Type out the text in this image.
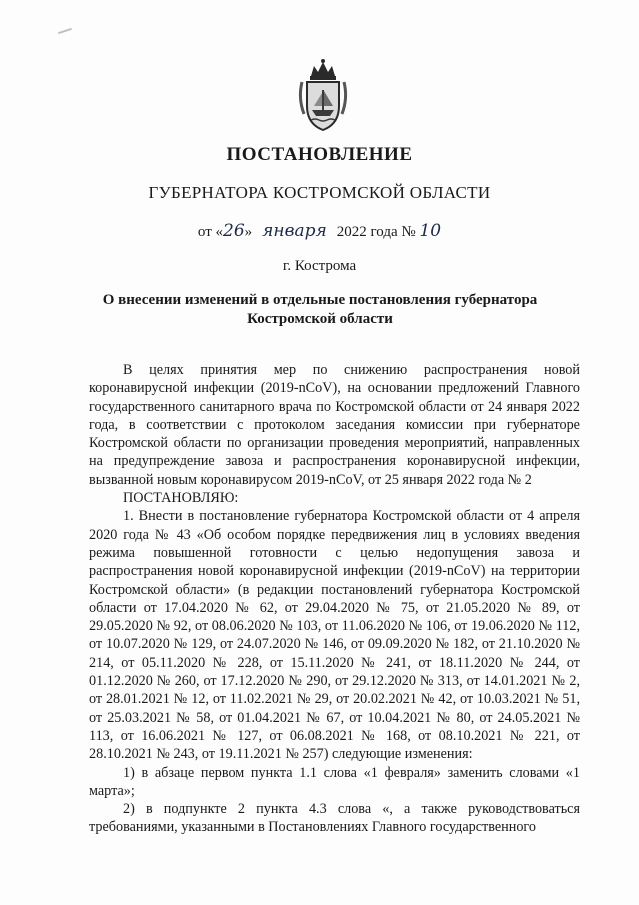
ПОСТАНОВЛЕНИЕ
ГУБЕРНАТОРА КОСТРОМСКОЙ ОБЛАСТИ
от «26» января 2022 года № 10
г. Кострома
О внесении изменений в отдельные постановления губернатора Костромской области

В целях принятия мер по снижению распространения новой коронавирусной инфекции (2019-nCoV), на основании предложений Главного государственного санитарного врача по Костромской области от 24 января 2022 года, в соответствии с протоколом заседания комиссии при губернаторе Костромской области по организации проведения мероприятий, направленных на предупреждение завоза и распространения коронавирусной инфекции, вызванной новым коронавирусом 2019-nCoV, от 25 января 2022 года № 2

ПОСТАНОВЛЯЮ:

1. Внести в постановление губернатора Костромской области от 4 апреля 2020 года № 43 «Об особом порядке передвижения лиц в условиях введения режима повышенной готовности с целью недопущения завоза и распространения новой коронавирусной инфекции (2019-nCoV) на территории Костромской области» (в редакции постановлений губернатора Костромской области от 17.04.2020 № 62, от 29.04.2020 № 75, от 21.05.2020 № 89, от 29.05.2020 № 92, от 08.06.2020 № 103, от 11.06.2020 № 106, от 19.06.2020 № 112, от 10.07.2020 № 129, от 24.07.2020 № 146, от 09.09.2020 № 182, от 21.10.2020 № 214, от 05.11.2020 № 228, от 15.11.2020 № 241, от 18.11.2020 № 244, от 01.12.2020 № 260, от 17.12.2020 № 290, от 29.12.2020 № 313, от 14.01.2021 № 2, от 28.01.2021 № 12, от 11.02.2021 № 29, от 20.02.2021 № 42, от 10.03.2021 № 51, от 25.03.2021 № 58, от 01.04.2021 № 67, от 10.04.2021 № 80, от 24.05.2021 № 113, от 16.06.2021 № 127, от 06.08.2021 № 168, от 08.10.2021 № 221, от 28.10.2021 № 243, от 19.11.2021 № 257) следующие изменения:

1) в абзаце первом пункта 1.1 слова «1 февраля» заменить словами «1 марта»;

2) в подпункте 2 пункта 4.3 слова «, а также руководствоваться требованиями, указанными в Постановлениях Главного государственного
